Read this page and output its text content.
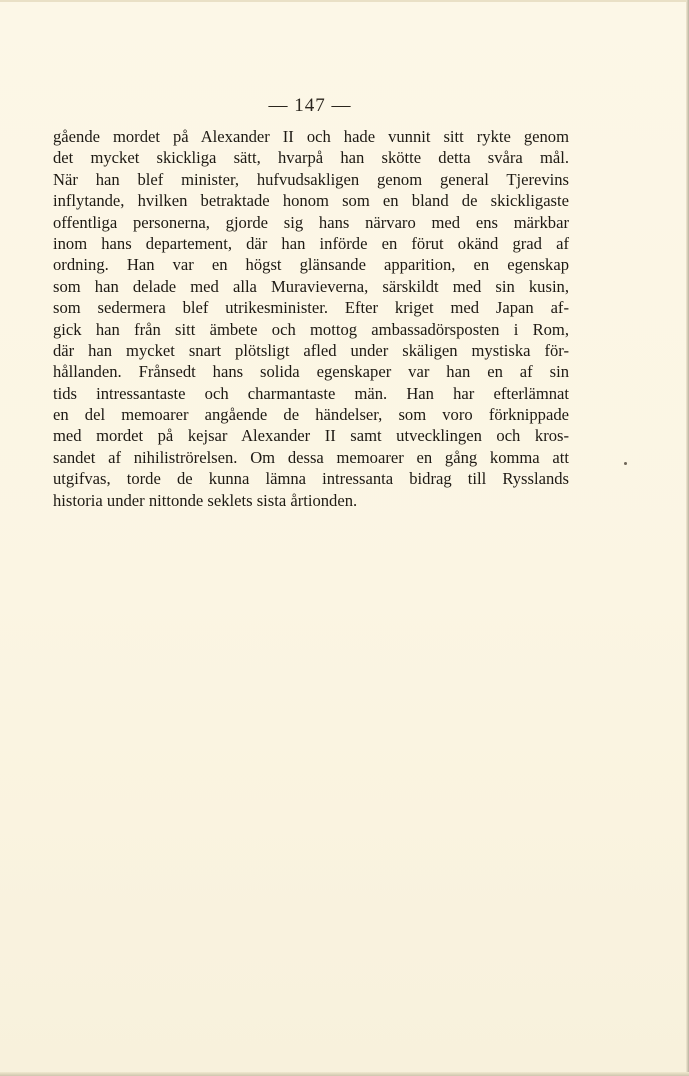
— 147 —
gående mordet på Alexander II och hade vunnit sitt rykte genom
det mycket skickliga sätt, hvarpå han skötte detta svåra mål.
När han blef minister, hufvudsakligen genom general Tjerevins
inflytande, hvilken betraktade honom som en bland de skickligaste
offentliga personerna, gjorde sig hans närvaro med ens märkbar
inom hans departement, där han införde en förut okänd grad af
ordning. Han var en högst glänsande apparition, en egenskap
som han delade med alla Muravieverna, särskildt med sin kusin,
som sedermera blef utrikesminister. Efter kriget med Japan af-
gick han från sitt ämbete och mottog ambassadörsposten i Rom,
där han mycket snart plötsligt afled under skäligen mystiska för-
hållanden. Frånsedt hans solida egenskaper var han en af sin
tids intressantaste och charmantaste män. Han har efterlämnat
en del memoarer angående de händelser, som voro förknippade
med mordet på kejsar Alexander II samt utvecklingen och kros-
sandet af nihiliströrelsen. Om dessa memoarer en gång komma att
utgifvas, torde de kunna lämna intressanta bidrag till Rysslands
historia under nittonde seklets sista årtionden.
